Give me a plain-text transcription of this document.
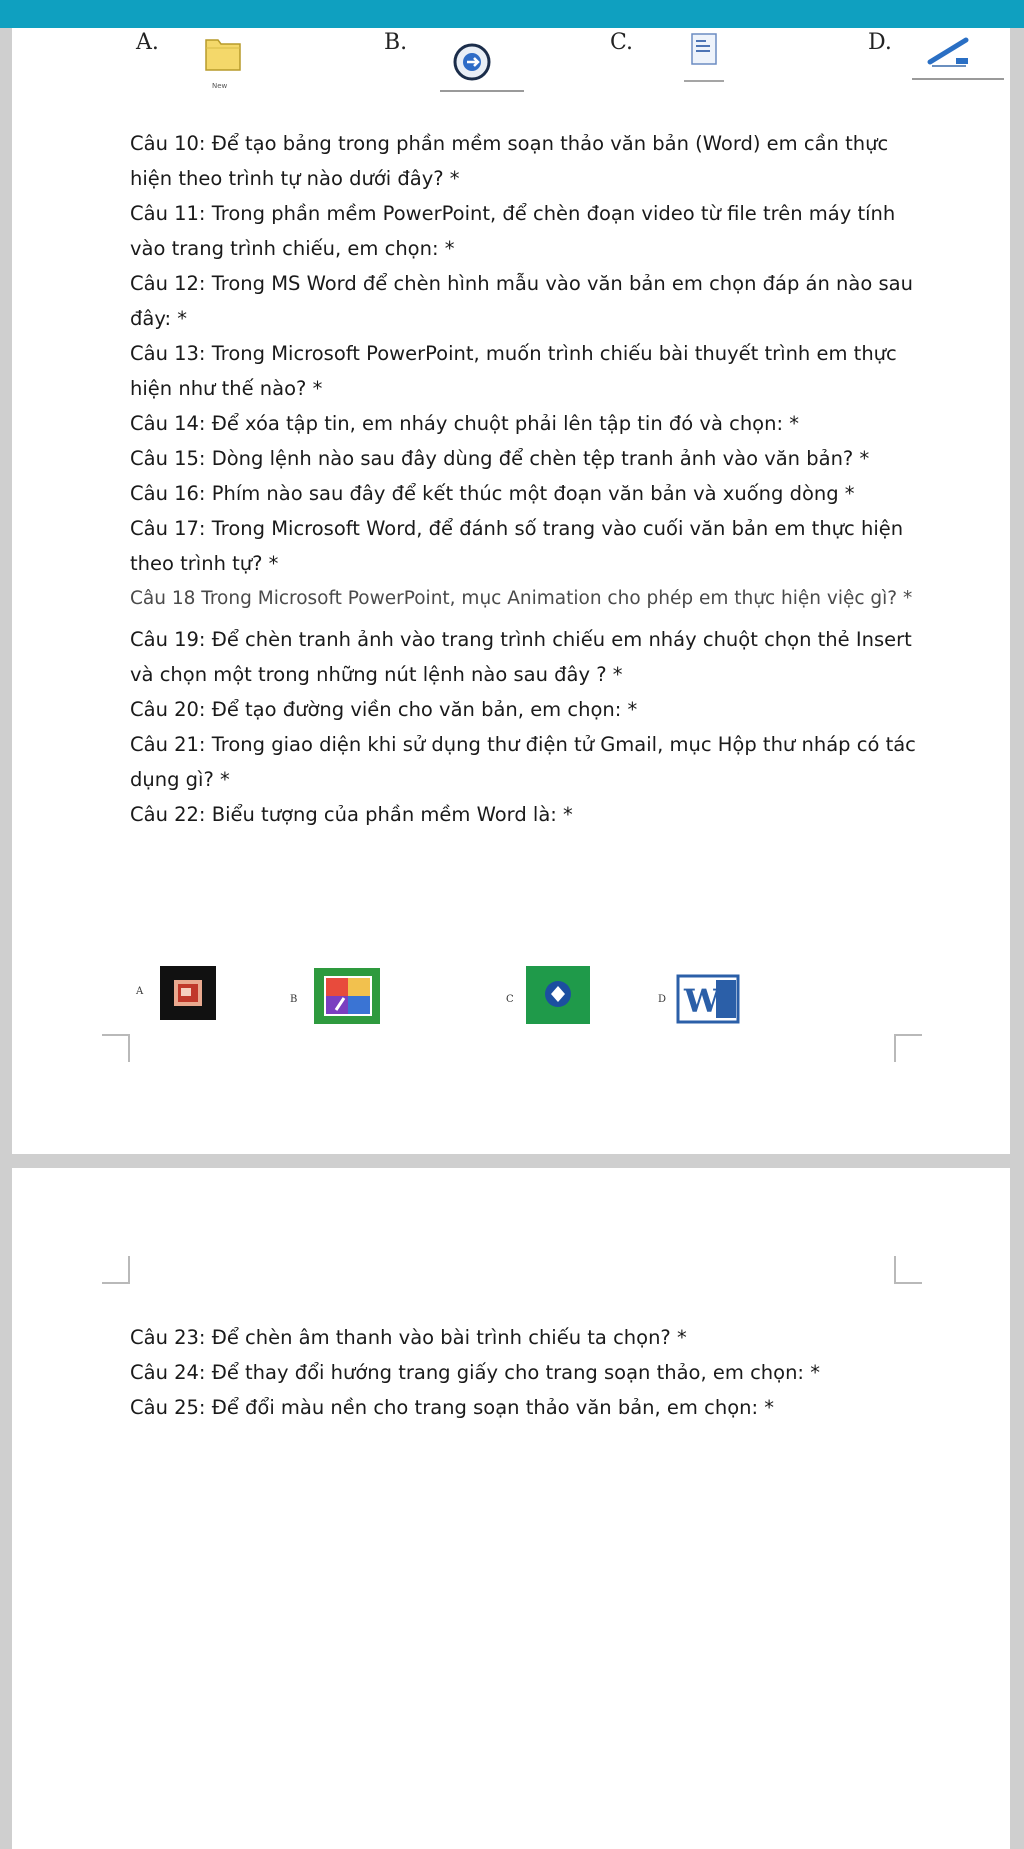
A.
New
B.	C.	D.

Câu 10: Để tạo bảng trong phần mềm soạn thảo văn bản (Word) em cần thực hiện theo trình tự nào dưới đây? *

Câu 11: Trong phần mềm PowerPoint, để chèn đoạn video từ file trên máy tính vào trang trình chiếu, em chọn: *

Câu 12: Trong MS Word để chèn hình mẫu vào văn bản em chọn đáp án nào sau đây: *

Câu 13: Trong Microsoft PowerPoint, muốn trình chiếu bài thuyết trình em thực hiện như thế nào? *

Câu 14: Để xóa tập tin, em nháy chuột phải lên tập tin đó và chọn: *

Câu 15: Dòng lệnh nào sau đây dùng để chèn tệp tranh ảnh vào văn bản? *

Câu 16: Phím nào sau đây để kết thúc một đoạn văn bản và xuống dòng *

Câu 17: Trong Microsoft Word, để đánh số trang vào cuối văn bản em thực hiện theo trình tự? *

Câu 18 Trong Microsoft PowerPoint, mục Animation cho phép em thực hiện việc gì? *

Câu 19: Để chèn tranh ảnh vào trang trình chiếu em nháy chuột chọn thẻ Insert và chọn một trong những nút lệnh nào sau đây ? *

Câu 20: Để tạo đường viền cho văn bản, em chọn: *

Câu 21: Trong giao diện khi sử dụng thư điện tử Gmail, mục Hộp thư nháp có tác dụng gì? *

Câu 22: Biểu tượng của phần mềm Word là: *

A
B	C	D W

Câu 23: Để chèn âm thanh vào bài trình chiếu ta chọn? *

Câu 24: Để thay đổi hướng trang giấy cho trang soạn thảo, em chọn: *

Câu 25: Để đổi màu nền cho trang soạn thảo văn bản, em chọn: *
